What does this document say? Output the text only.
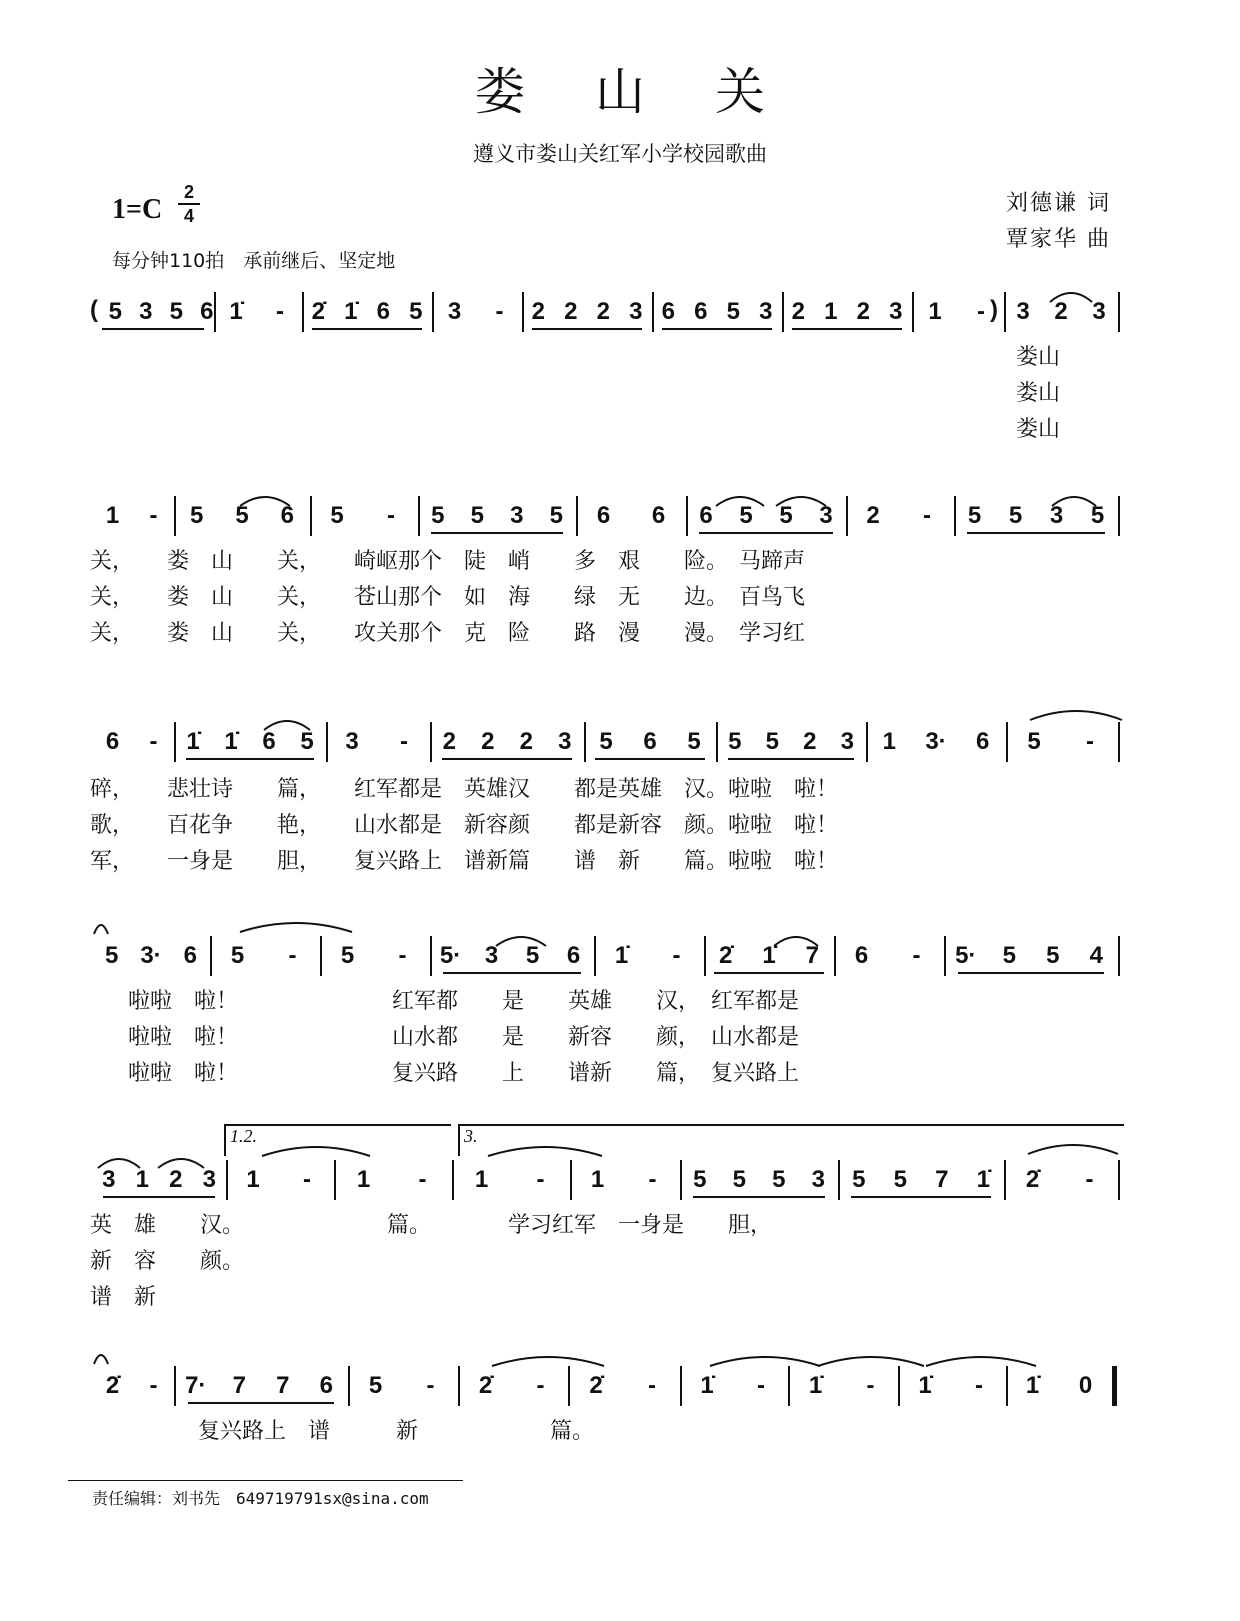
娄山关
遵义市娄山关红军小学校园歌曲
1=C
2
4
每分钟110拍　承前继后、坚定地
刘德谦 词
覃家华 曲
5 3 5 6 1̇ - 2̇ 1̇ 6 5 3 - 2 2 2 3 6 6 5 3 2 1 2 3 1 - 3 2 3
(	)
1 - 5 5 6 5 - 5 5 3 5 6 6 6 5 5 3 2 - 5 5 3 5
6 - 1̇ 1̇ 6 5 3 - 2 2 2 3 5 6 5 5 5 2 3 1 3· 6 5 -
5 3· 6 5 - 5 - 5· 3 5 6 1̇ - 2̇ 1̇ 7 6 - 5· 5 5 4
3 1 2 3 1 - 1 - 1 - 1 - 5 5 5 3 5 5 7 1̇ 2̇ -
2̇ - 7· 7 7 6 5 - 2̇ - 2̇ - 1̇ - 1̇ - 1̇ - 1̇ 0
娄山
娄山
娄山
关，　　娄　山　　关，　　崎岖那个　陡　峭　　多　艰　　险。　马蹄声
关，　　娄　山　　关，　　苍山那个　如　海　　绿　无　　边。　百鸟飞
关，　　娄　山　　关，　　攻关那个　克　险　　路　漫　　漫。　学习红
碎，　　悲壮诗　　篇，　　红军都是　英雄汉　　都是英雄　汉。啦啦　啦！
歌，　　百花争　　艳，　　山水都是　新容颜　　都是新容　颜。啦啦　啦！
军，　　一身是　　胆，　　复兴路上　谱新篇　　谱　新　　篇。啦啦　啦！
啦啦　啦！　　　　　　　红军都　　是　　英雄　　汉，　红军都是
啦啦　啦！　　　　　　　山水都　　是　　新容　　颜，　山水都是
啦啦　啦！　　　　　　　复兴路　　上　　谱新　　篇，　复兴路上
英　雄　　汉。　　　　　　　篇。　　　　学习红军　一身是　　胆，
新　容　　颜。
谱　新
复兴路上　谱　　　新　　　　　　篇。
1.2.	3.
责任编辑：刘书先　649719791sx@sina.com
